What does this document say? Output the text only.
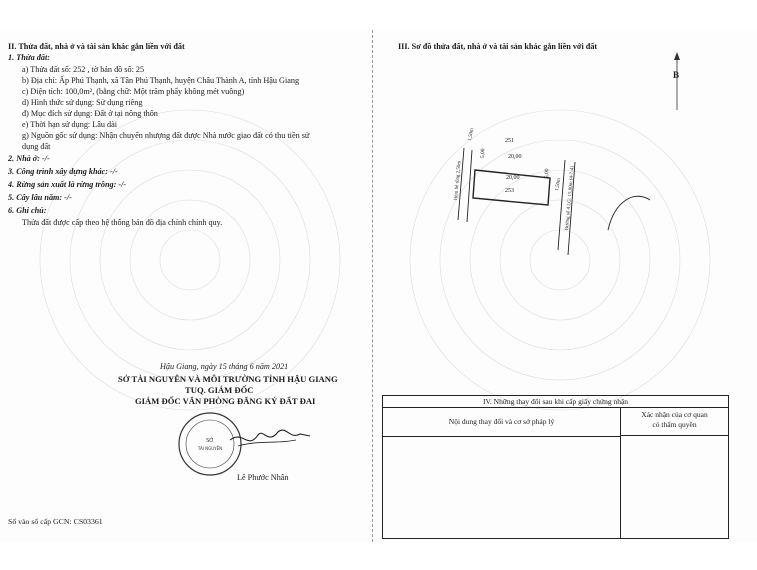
II. Thửa đất, nhà ở và tài sản khác gắn liền với đất
1. Thửa đất:
a) Thửa đất số: 252 , tờ bản đồ số: 25
b) Địa chỉ: Ấp Phú Thạnh, xã Tân Phú Thạnh, huyện Châu Thành A, tỉnh Hậu Giang
c) Diện tích: 100,0m², (bằng chữ: Một trăm phẩy không mét vuông)
d) Hình thức sử dụng: Sử dụng riêng
đ) Mục đích sử dụng: Đất ở tại nông thôn
e) Thời hạn sử dụng: Lâu dài
g) Nguồn gốc sử dụng: Nhận chuyển nhượng đất được Nhà nước giao đất có thu tiền sử
dụng đất
2. Nhà ở: -/-
3. Công trình xây dựng khác: -/-
4. Rừng sản xuất là rừng trồng: -/-
5. Cây lâu năm: -/-
6. Ghi chú:
Thửa đất được cấp theo hệ thống bản đồ địa chính chính quy.
Hậu Giang, ngày 15 tháng 6 năm 2021
SỞ TÀI NGUYÊN VÀ MÔI TRƯỜNG TỈNH HẬU GIANG
TUQ. GIÁM ĐỐC
GIÁM ĐỐC VĂN PHÒNG ĐĂNG KÝ ĐẤT ĐAI
SỞ
TÀI NGUYÊN
Lê Phước Nhân
Số vào sổ cấp GCN: CS03361
III. Sơ đồ thửa đất, nhà ở và tài sản khác gắn liền với đất
B
251
20,00
20,00
253
5,00
5,00
Hẻm bê tông 2,50m	Đường số 4 LG: 15,00m (4-7-4)
1,50m
1,50m
IV. Những thay đổi sau khi cấp giấy chứng nhận
Nội dung thay đổi và cơ sở pháp lý
Xác nhận của cơ quan
có thẩm quyền
